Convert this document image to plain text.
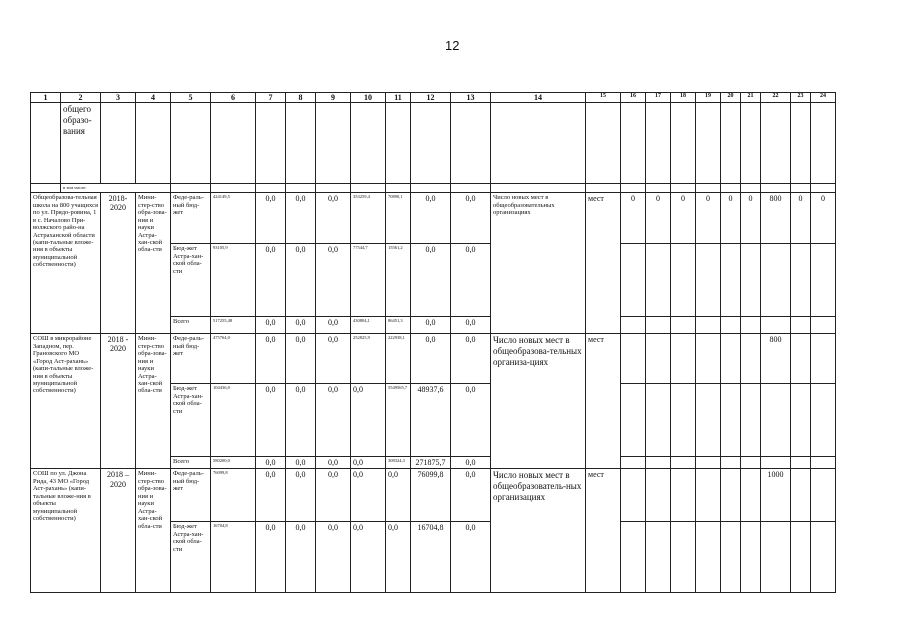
12
1	2	3	4	5	6	7	8	9	10	11	12	13	14	15	16	17	18	19	20	21	22	23	24
	общего образо-вания																						
	в том числе:																						
Общеобразова-тельная школа на 800 учащихся по ул. Прядо-ровина, 1 в с. Началово При-волжского райо-на Астраханской области (капи-тальные вложе-ния в объекты муниципальной собственности)		2018-2020	Мини-стер-ство обра-зова-ния и науки Астра-хан-ской обла-сти	Феде-раль-ный бюд-жет	424149,5	0,0	0,0	0,0	353259,4	70890,1	0,0	0,0	Число новых мест в общеобразовательных организациях	мест	0	0	0	0	0	0	800	0	0
				Бюд-жет Астра-хан-ской обла-сти	93105,9	0,0	0,0	0,0	77544,7	15561,2	0,0	0,0											
				Всего	517255,48	0,0	0,0	0,0	430804,1	86451,3	0,0	0,0											
СОШ в микрорайоне Западном, пер. Грановского МО «Город Аст-рахань» (капи-тальные вложе-ния в объекты муниципальной собственности)		2018 - 2020	Мини-стер-ство обра-зова-ния и науки Астра-хан-ской обла-сти	Феде-раль-ный бюд-жет	475764,0	0,0	0,0	0,0	252825,9	222938,1	0,0	0,0	Число новых мест в общеобразова-тельных организа-циях	мест							800		
				Бюд-жет Астра-хан-ской обла-сти	104436,0	0,0	0,0	0,0	0,0	5549565,7	48937,6	0,0											
				Всего	580200,0	0,0	0,0	0,0	0,0	308324,3	271875,7	0,0											
СОШ по ул. Джона Рида, 43 МО «Город Аст-рахань» (капи-тальные вложе-ния в объекты муниципальной собственности)		2018 – 2020	Мини-стер-ство обра-зова-ния и науки Астра-хан-ской обла-сти	Феде-раль-ный бюд-жет	76099,8	0,0	0,0	0,0	0,0	0,0	76099,8	0,0	Число новых мест в общеобразователь-ных организациях	мест							1000		
				Бюд-жет Астра-хан-ской обла-сти	16704,8	0,0	0,0	0,0	0,0	0,0	16704,8	0,0											
